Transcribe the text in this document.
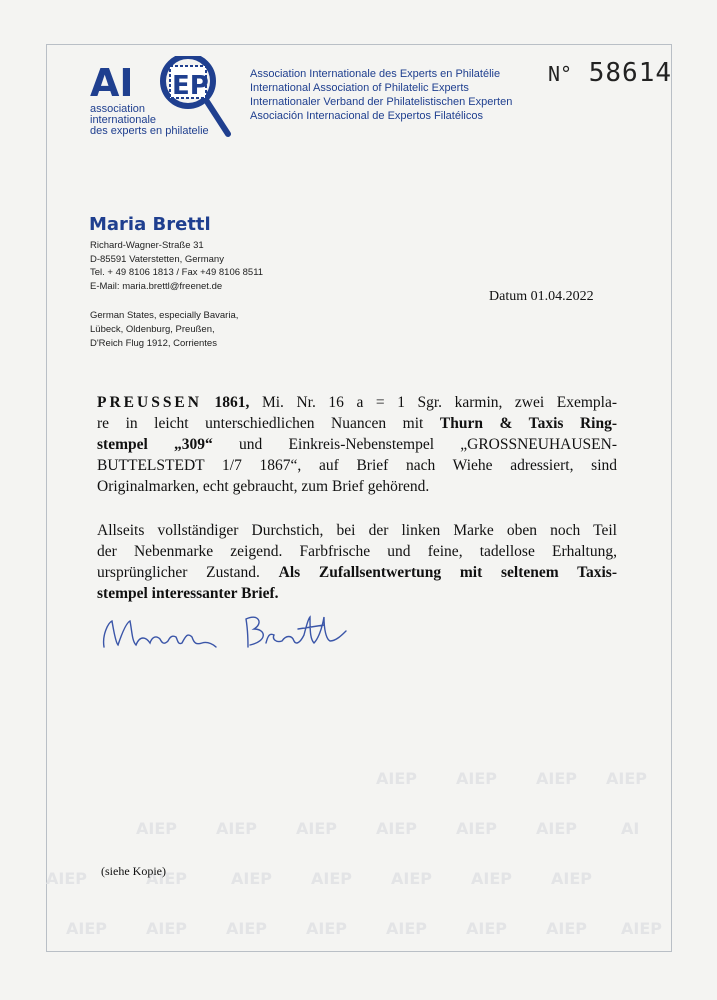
AI EP
association
internationale
des experts en philatelie
Association Internationale des Experts en Philatélie
International Association of Philatelic Experts
Internationaler Verband der Philatelistischen Experten
Asociación Internacional de Expertos Filatélicos
N° 58614
Maria Brettl
Richard-Wagner-Straße 31
D-85591 Vaterstetten, Germany
Tel. + 49 8106 1813 / Fax +49 8106 8511
E-Mail: maria.brettl@freenet.de
German States, especially Bavaria,
Lübeck, Oldenburg, Preußen,
D'Reich Flug 1912, Corrientes
Datum 01.04.2022
PREUSSEN 1861, Mi. Nr. 16 a = 1 Sgr. karmin, zwei Exempla-
re in leicht unterschiedlichen Nuancen mit Thurn & Taxis Ring-
stempel „309“ und Einkreis-Nebenstempel „GROSSNEUHAUSEN-
BUTTELSTEDT 1/7 1867“, auf Brief nach Wiehe adressiert, sind
Originalmarken, echt gebraucht, zum Brief gehörend.
Allseits vollständiger Durchstich, bei der linken Marke oben noch Teil
der Nebenmarke zeigend. Farbfrische und feine, tadellose Erhaltung,
ursprünglicher Zustand. Als Zufallsentwertung mit seltenem Taxis-
stempel interessanter Brief.
AIEP AIEP AIEP AIEP
AIEP AIEP AIEP AIEP AIEP AIEP	AI
AIEP	AIEP	AIEP AIEP AIEP AIEP AIEP
AIEP AIEP AIEP AIEP AIEP AIEP AIEP AIEP
(siehe Kopie)
